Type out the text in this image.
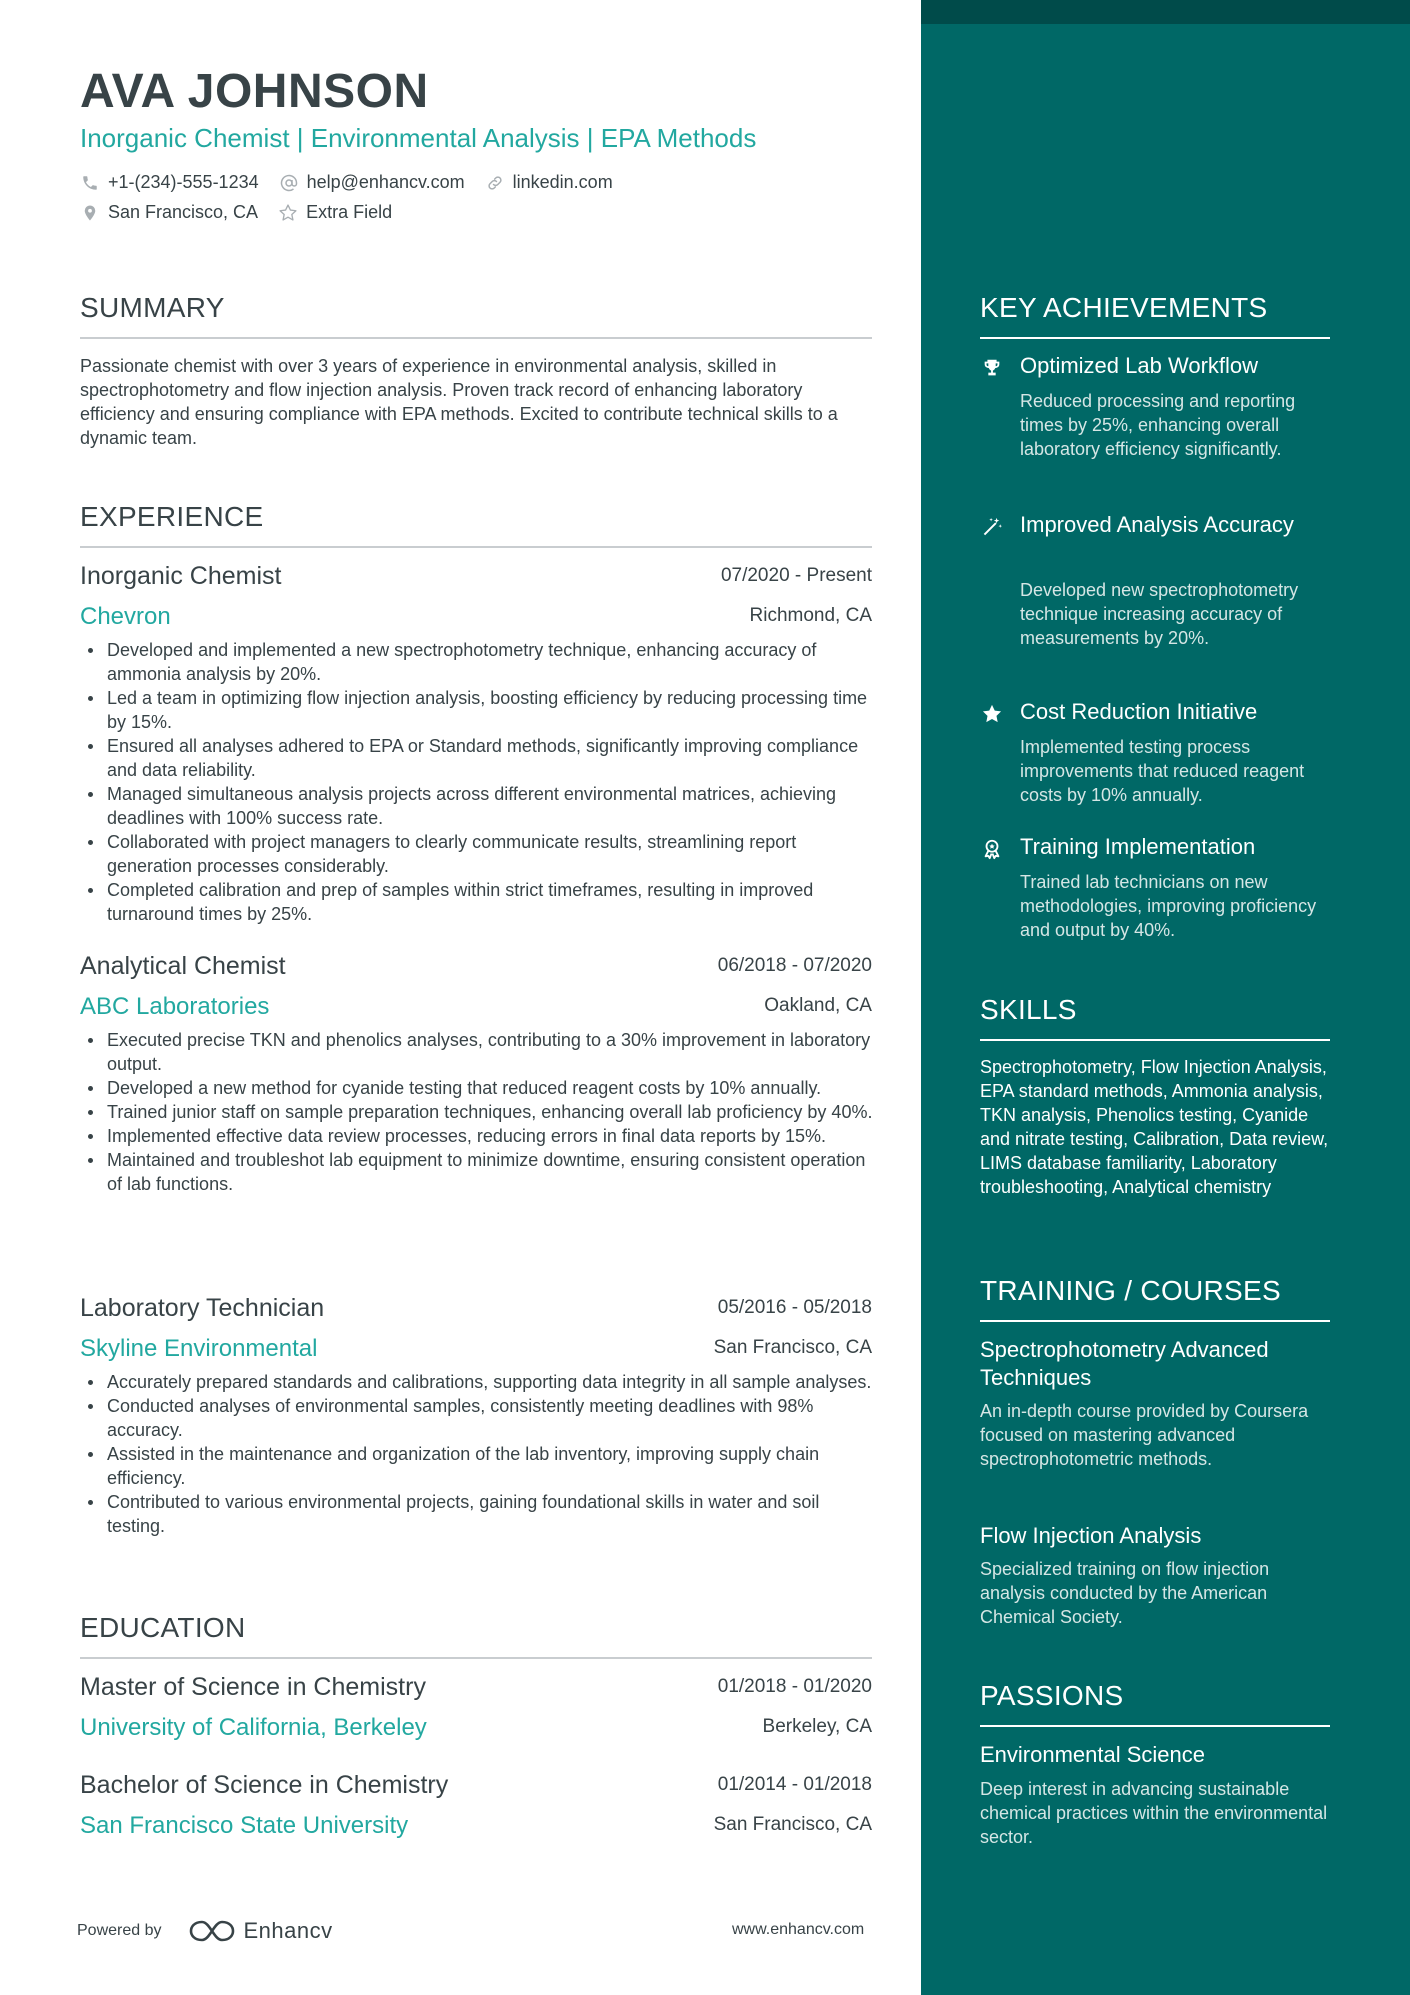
AVA JOHNSON
Inorganic Chemist | Environmental Analysis | EPA Methods
+1-(234)-555-1234	help@enhancv.com	linkedin.com
San Francisco, CA	Extra Field
SUMMARY
Passionate chemist with over 3 years of experience in environmental analysis, skilled in spectrophotometry and flow injection analysis. Proven track record of enhancing laboratory efficiency and ensuring compliance with EPA methods. Excited to contribute technical skills to a dynamic team.
EXPERIENCE
Inorganic Chemist	07/2020 - Present
Chevron	Richmond, CA
Developed and implemented a new spectrophotometry technique, enhancing accuracy of ammonia analysis by 20%.
Led a team in optimizing flow injection analysis, boosting efficiency by reducing processing time by 15%.
Ensured all analyses adhered to EPA or Standard methods, significantly improving compliance and data reliability.
Managed simultaneous analysis projects across different environmental matrices, achieving deadlines with 100% success rate.
Collaborated with project managers to clearly communicate results, streamlining report generation processes considerably.
Completed calibration and prep of samples within strict timeframes, resulting in improved turnaround times by 25%.
Analytical Chemist	06/2018 - 07/2020
ABC Laboratories	Oakland, CA
Executed precise TKN and phenolics analyses, contributing to a 30% improvement in laboratory output.
Developed a new method for cyanide testing that reduced reagent costs by 10% annually.
Trained junior staff on sample preparation techniques, enhancing overall lab proficiency by 40%.
Implemented effective data review processes, reducing errors in final data reports by 15%.
Maintained and troubleshot lab equipment to minimize downtime, ensuring consistent operation of lab functions.
Laboratory Technician	05/2016 - 05/2018
Skyline Environmental	San Francisco, CA
Accurately prepared standards and calibrations, supporting data integrity in all sample analyses.
Conducted analyses of environmental samples, consistently meeting deadlines with 98% accuracy.
Assisted in the maintenance and organization of the lab inventory, improving supply chain efficiency.
Contributed to various environmental projects, gaining foundational skills in water and soil testing.
EDUCATION
Master of Science in Chemistry	01/2018 - 01/2020
University of California, Berkeley	Berkeley, CA
Bachelor of Science in Chemistry	01/2014 - 01/2018
San Francisco State University	San Francisco, CA
Powered by	Enhancv	www.enhancv.com
KEY ACHIEVEMENTS
Optimized Lab Workflow
Reduced processing and reporting times by 25%, enhancing overall laboratory efficiency significantly.
Improved Analysis Accuracy
Developed new spectrophotometry technique increasing accuracy of measurements by 20%.
Cost Reduction Initiative
Implemented testing process improvements that reduced reagent costs by 10% annually.
Training Implementation
Trained lab technicians on new methodologies, improving proficiency and output by 40%.
SKILLS
Spectrophotometry, Flow Injection Analysis, EPA standard methods, Ammonia analysis, TKN analysis, Phenolics testing, Cyanide and nitrate testing, Calibration, Data review, LIMS database familiarity, Laboratory troubleshooting, Analytical chemistry
TRAINING / COURSES
Spectrophotometry Advanced Techniques
An in-depth course provided by Coursera focused on mastering advanced spectrophotometric methods.
Flow Injection Analysis
Specialized training on flow injection analysis conducted by the American Chemical Society.
PASSIONS
Environmental Science
Deep interest in advancing sustainable chemical practices within the environmental sector.
